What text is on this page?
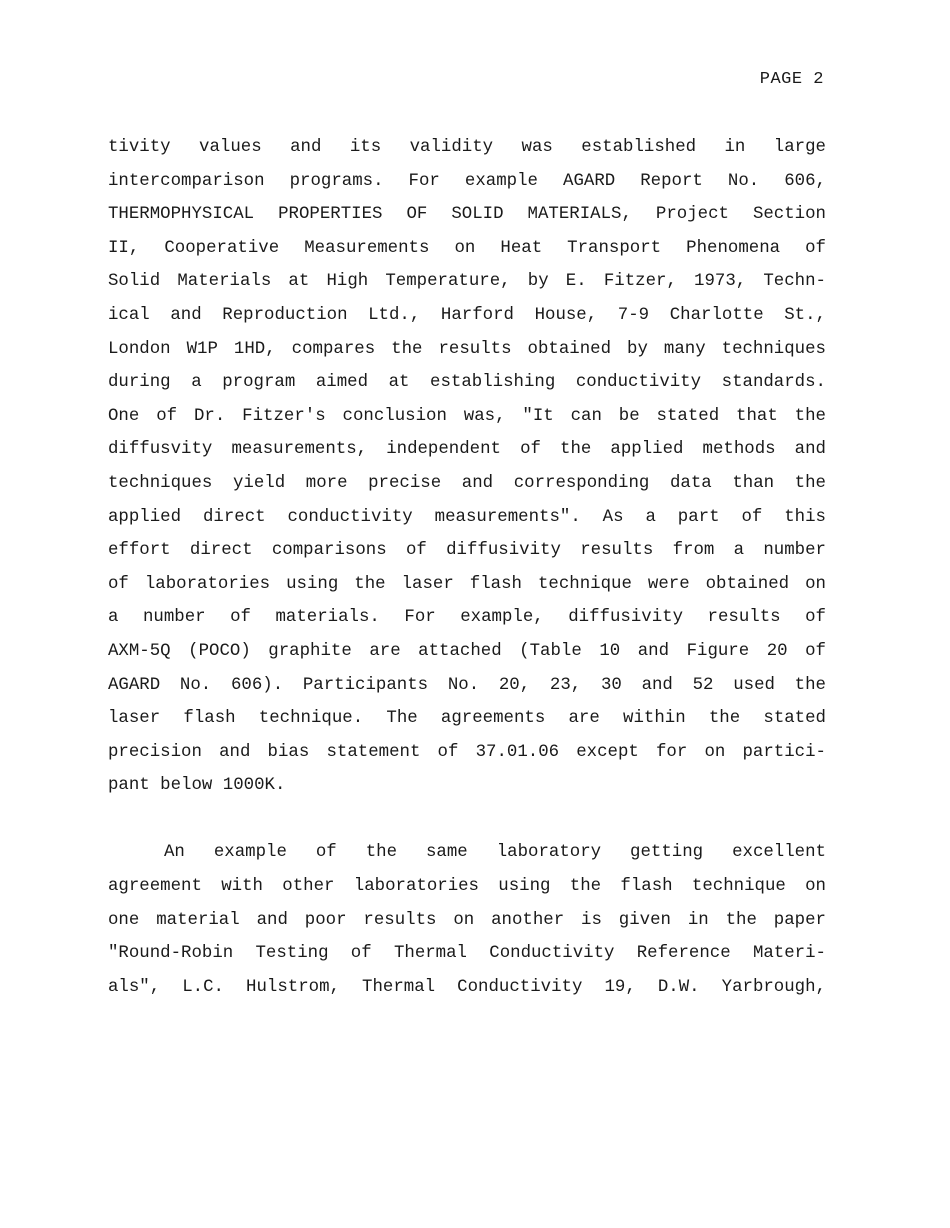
PAGE 2
tivity values and its validity was established in large
intercomparison programs. For example AGARD Report No. 606,
THERMOPHYSICAL PROPERTIES OF SOLID MATERIALS, Project Section
II, Cooperative Measurements on Heat Transport Phenomena of
Solid Materials at High Temperature, by E. Fitzer, 1973, Techn-
ical and Reproduction Ltd., Harford House, 7-9 Charlotte St.,
London W1P 1HD, compares the results obtained by many techniques
during a program aimed at establishing conductivity standards.
One of Dr. Fitzer's conclusion was, "It can be stated that the
diffusvity measurements, independent of the applied methods and
techniques yield more precise and corresponding data than the
applied direct conductivity measurements". As a part of this
effort direct comparisons of diffusivity results from a number
of laboratories using the laser flash technique were obtained on
a number of materials. For example, diffusivity results of
AXM-5Q (POCO) graphite are attached (Table 10 and Figure 20 of
AGARD No. 606). Participants No. 20, 23, 30 and 52 used the
laser flash technique. The agreements are within the stated
precision and bias statement of 37.01.06 except for on partici-
pant below 1000K.
An example of the same laboratory getting excellent
agreement with other laboratories using the flash technique on
one material and poor results on another is given in the paper
"Round-Robin Testing of Thermal Conductivity Reference Materi-
als", L.C. Hulstrom, Thermal Conductivity 19, D.W. Yarbrough,
